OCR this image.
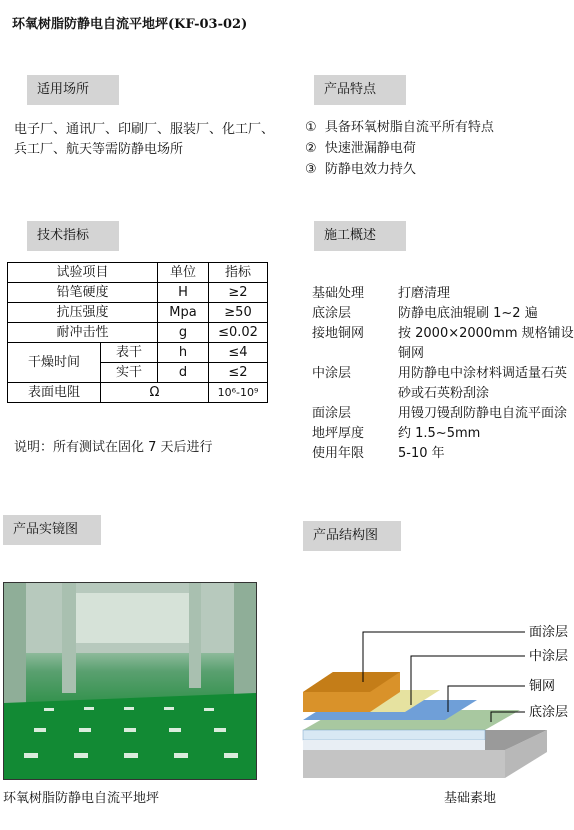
环氧树脂防静电自流平地坪(KF-03-02)
适用场所	产品特点
电子厂、通讯厂、印刷厂、服装厂、化工厂、
兵工厂、航天等需防静电场所
① 具备环氧树脂自流平所有特点
② 快速泄漏静电荷
③ 防静电效力持久
技术指标	施工概述
试验项目		单位	指标
铅笔硬度		H	≥2
抗压强度		Mpa	≥50
耐冲击性		g	≤0.02
干燥时间	表干	h	≤4
	实干	d	≤2
表面电阻	Ω		10⁶-10⁹
说明：所有测试在固化 7 天后进行
基础处理	打磨清理
底涂层	防静电底油辊刷 1~2 遍
接地铜网	按 2000×2000mm 规格铺设铜网
中涂层	用防静电中涂材料调适量石英砂或石英粉刮涂
面涂层	用镘刀镘刮防静电自流平面涂
地坪厚度	约 1.5~5mm
使用年限	5-10 年
产品实镜图	产品结构图
环氧树脂防静电自流平地坪
面涂层
中涂层
铜网
底涂层
基础素地
